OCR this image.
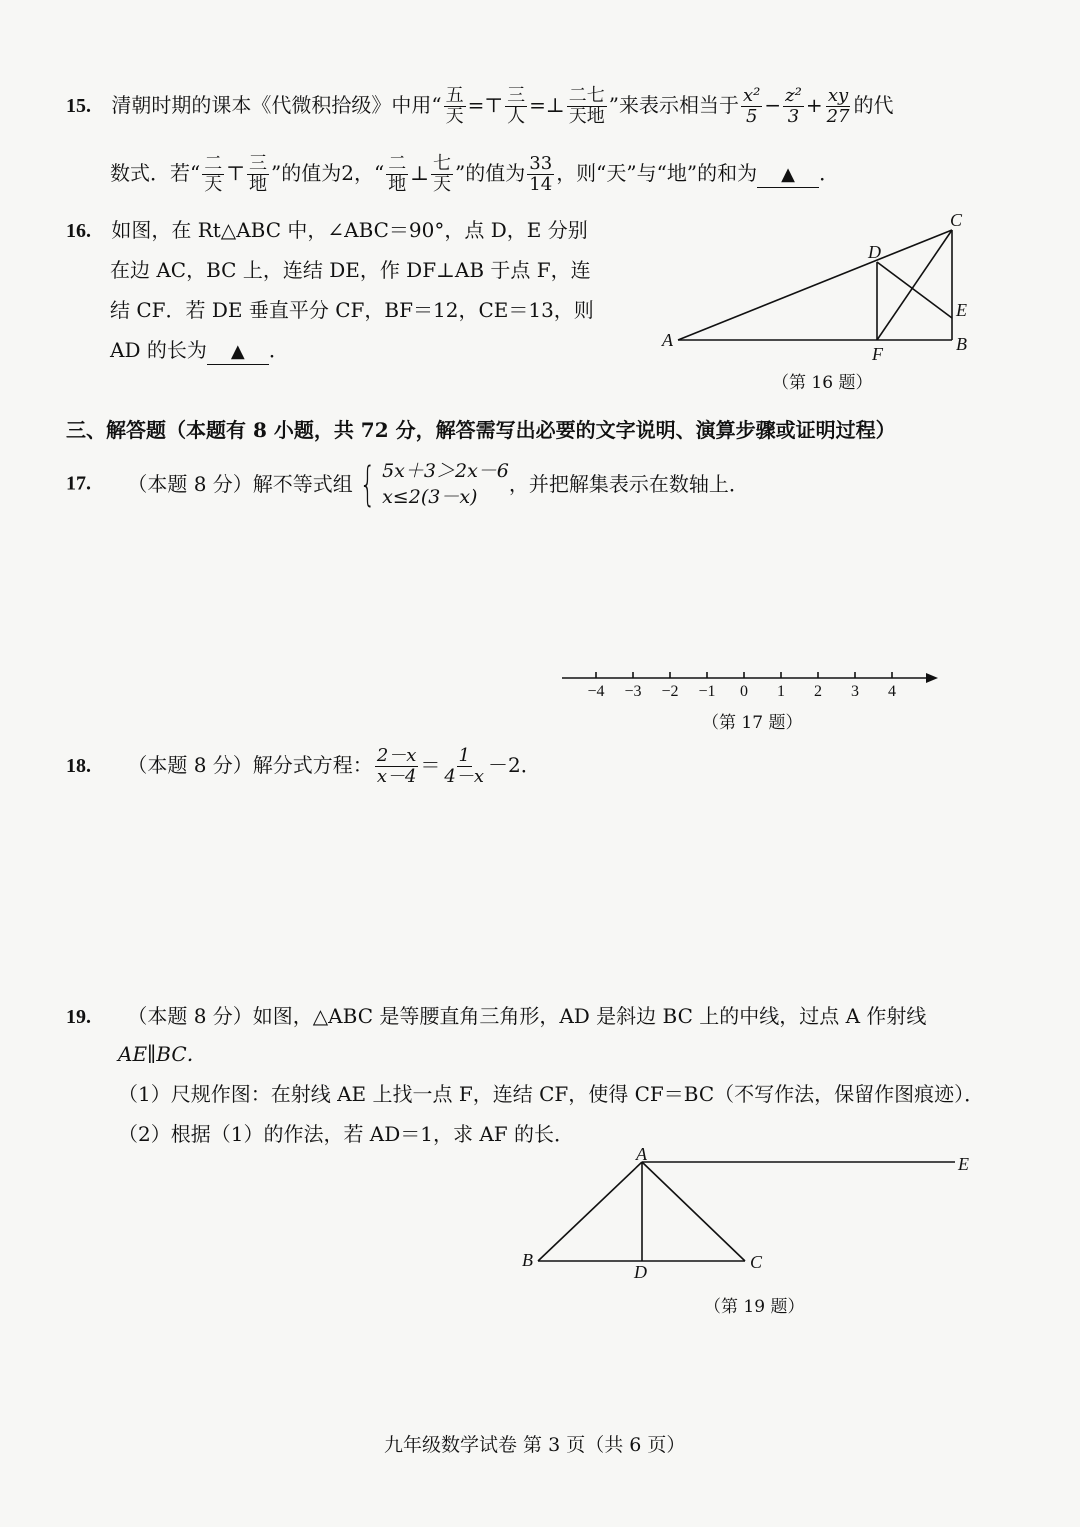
15. 清朝时期的课本《代微积拾级》中用“ $\frac{\text{五}}{\text{天}}$ =⊤ $\frac{\text{三}}{\text{人}}$ =⊥ $\frac{\text{二七}}{\text{天地}}$ ”来表示相当于 $\frac{\text{x²}}{5} - \frac{\text{z²}}{3} + \frac{xy}{27}$ 的代
数式．若“ $\frac{\text{二}}{\text{天}}$ ⊤ $\frac{\text{三}}{\text{地}}$ ”的值为2，“ $\frac{\text{二}}{\text{地}}$ ⊥ $\frac{\text{七}}{\text{天}}$ ”的值为 $\frac{33}{14}$ ，则“天”与“地”的和为 ▲ ．
16. 如图，在 Rt△ABC 中，∠ABC＝90°，点 D，E 分别
在边 AC，BC 上，连结 DE，作 DF⊥AB 于点 F，连
结 CF．若 DE 垂直平分 CF，BF＝12，CE＝13，则
AD 的长为 ▲ ．	A	B
C
D
E
F
（第 16 题）
三、解答题（本题有 8 小题，共 72 分，解答需写出必要的文字说明、演算步骤或证明过程）
17. （本题 8 分）解不等式组 { 5x＋3＞2x－6
x≤2(3－x)
，并把解集表示在数轴上．
−4 −3 −2 −1 0 1 2 3 4
（第 17 题）
18. （本题 8 分）解分式方程： $\frac{2-x}{x-4} = \frac{1}{4-x} -2$．
19. （本题 8 分）如图，△ABC 是等腰直角三角形，AD 是斜边 BC 上的中线，过点 A 作射线
AE∥BC．
（1）尺规作图：在射线 AE 上找一点 F，连结 CF，使得 CF＝BC（不写作法，保留作图痕迹）．
（2）根据（1）的作法，若 AD＝1，求 AF 的长．
A
B	C
D
E
（第 19 题）
九年级数学试卷 第 3 页（共 6 页）
